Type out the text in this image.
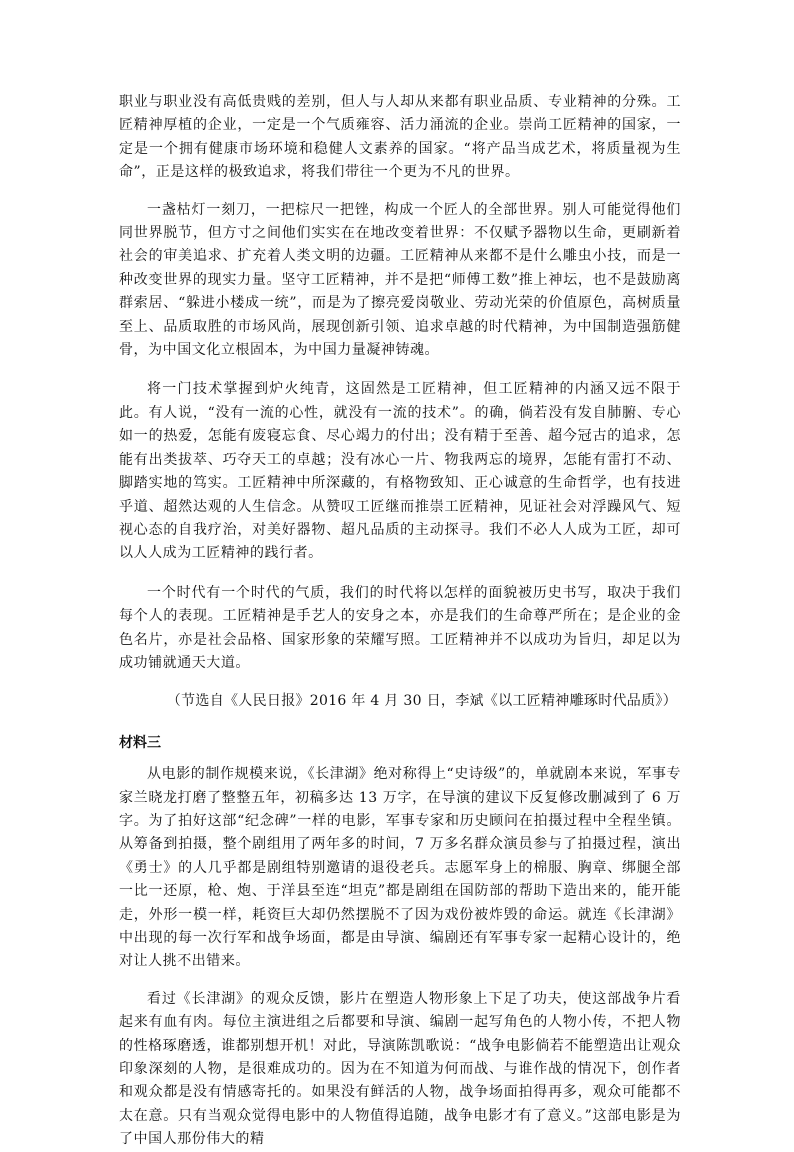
职业与职业没有高低贵贱的差别，但人与人却从来都有职业品质、专业精神的分殊。工匠精神厚植的企业，一定是一个气质雍容、活力涌流的企业。崇尚工匠精神的国家，一定是一个拥有健康市场环境和稳健人文素养的国家。“将产品当成艺术，将质量视为生命”，正是这样的极致追求，将我们带往一个更为不凡的世界。

一盏枯灯一刻刀，一把棕尺一把锉，构成一个匠人的全部世界。别人可能觉得他们同世界脱节，但方寸之间他们实实在在地改变着世界：不仅赋予器物以生命，更刷新着社会的审美追求、扩充着人类文明的边疆。工匠精神从来都不是什么雕虫小技，而是一种改变世界的现实力量。坚守工匠精神，并不是把“师傅工数”推上神坛，也不是鼓励离群索居、“躲进小楼成一统”，而是为了擦亮爱岗敬业、劳动光荣的价值原色，高树质量至上、品质取胜的市场风尚，展现创新引领、追求卓越的时代精神，为中国制造强筋健骨，为中国文化立根固本，为中国力量凝神铸魂。

将一门技术掌握到炉火纯青，这固然是工匠精神，但工匠精神的内涵又远不限于此。有人说，“没有一流的心性，就没有一流的技术”。的确，倘若没有发自肺腑、专心如一的热爱，怎能有废寝忘食、尽心竭力的付出；没有精于至善、超今冠古的追求，怎能有出类拔萃、巧夺天工的卓越；没有冰心一片、物我两忘的境界，怎能有雷打不动、脚踏实地的笃实。工匠精神中所深藏的，有格物致知、正心诚意的生命哲学，也有技进乎道、超然达观的人生信念。从赞叹工匠继而推崇工匠精神，见证社会对浮躁风气、短视心态的自我疗治，对美好器物、超凡品质的主动探寻。我们不必人人成为工匠，却可以人人成为工匠精神的践行者。

一个时代有一个时代的气质，我们的时代将以怎样的面貌被历史书写，取决于我们每个人的表现。工匠精神是手艺人的安身之本，亦是我们的生命尊严所在；是企业的金色名片，亦是社会品格、国家形象的荣耀写照。工匠精神并不以成功为旨归，却足以为成功铺就通天大道。

（节选自《人民日报》2016 年 4 月 30 日，李斌《以工匠精神雕琢时代品质》）

材料三

从电影的制作规模来说，《长津湖》绝对称得上“史诗级”的，单就剧本来说，军事专家兰晓龙打磨了整整五年，初稿多达 13 万字，在导演的建议下反复修改删减到了 6 万字。为了拍好这部“纪念碑”一样的电影，军事专家和历史顾问在拍摄过程中全程坐镇。从筹备到拍摄，整个剧组用了两年多的时间，7 万多名群众演员参与了拍摄过程，演出《勇士》的人几乎都是剧组特别邀请的退役老兵。志愿军身上的棉服、胸章、绑腿全部一比一还原，枪、炮、于洋县至连“坦克”都是剧组在国防部的帮助下造出来的，能开能走，外形一模一样，耗资巨大却仍然摆脱不了因为戏份被炸毁的命运。就连《长津湖》中出现的每一次行军和战争场面，都是由导演、编剧还有军事专家一起精心设计的，绝对让人挑不出错来。

看过《长津湖》的观众反馈，影片在塑造人物形象上下足了功夫，使这部战争片看起来有血有肉。每位主演进组之后都要和导演、编剧一起写角色的人物小传，不把人物的性格琢磨透，谁都别想开机！对此，导演陈凯歌说：“战争电影倘若不能塑造出让观众印象深刻的人物，是很难成功的。因为在不知道为何而战、与谁作战的情况下，创作者和观众都是没有情感寄托的。如果没有鲜活的人物，战争场面拍得再多，观众可能都不太在意。只有当观众觉得电影中的人物值得追随，战争电影才有了意义。”这部电影是为了中国人那份伟大的精
